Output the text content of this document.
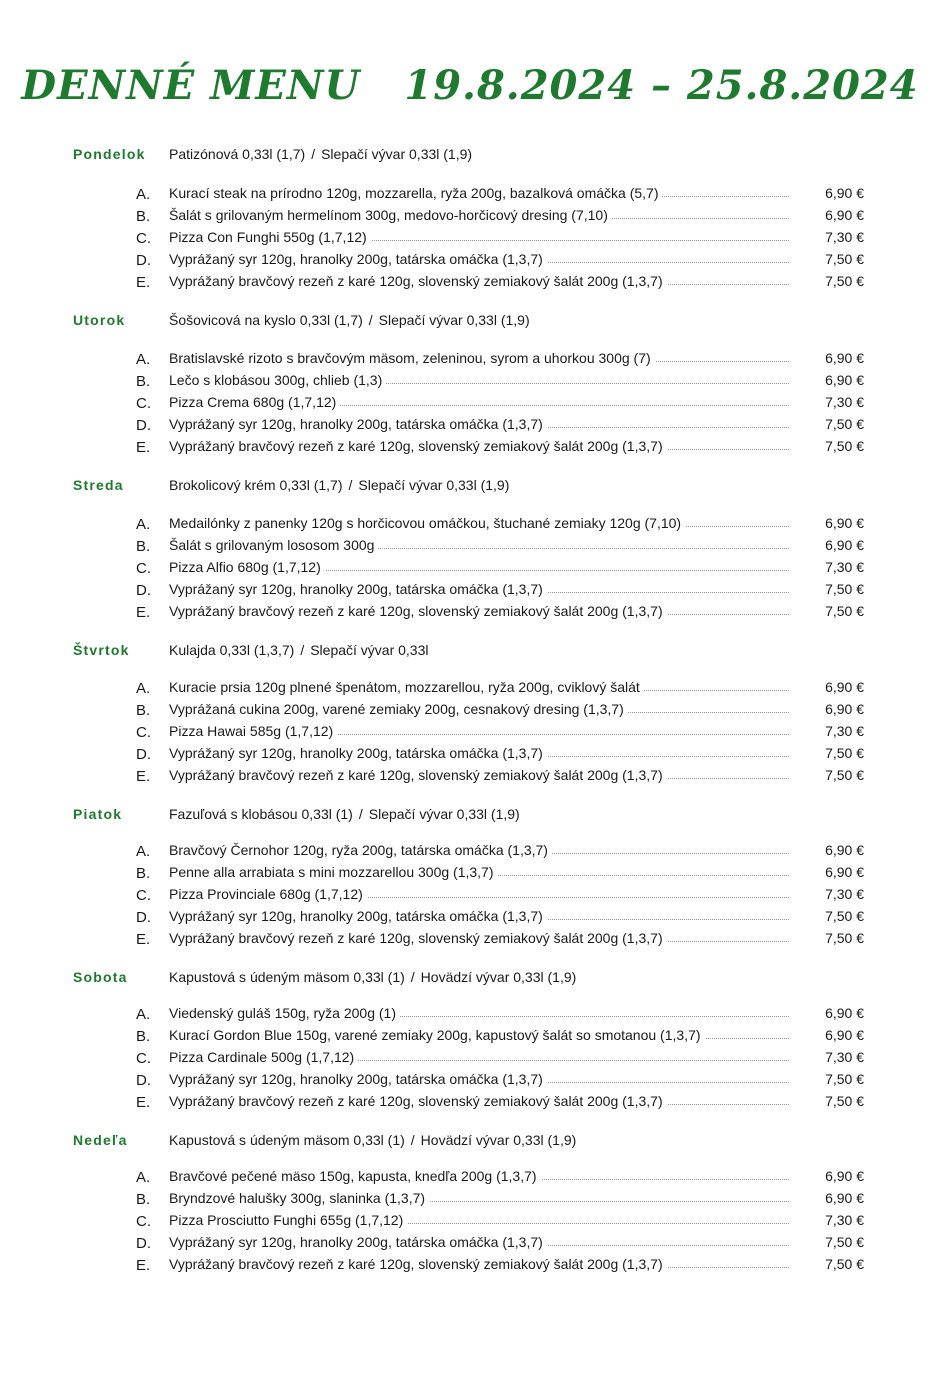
DENNÉ MENU 19.8.2024 – 25.8.2024
Pondelok Patizónová 0,33l (1,7) / Slepačí vývar 0,33l (1,9)
A. Kurací steak na prírodno 120g, mozzarella, ryža 200g, bazalková omáčka (5,7)	6,90 €
B. Šalát s grilovaným hermelínom 300g, medovo-horčicový dresing (7,10)	6,90 €
C. Pizza Con Funghi 550g (1,7,12)	7,30 €
D. Vyprážaný syr 120g, hranolky 200g, tatárska omáčka (1,3,7)	7,50 €
E. Vyprážaný bravčový rezeň z karé 120g, slovenský zemiakový šalát 200g (1,3,7)	7,50 €
Utorok	Šošovicová na kyslo 0,33l (1,7) / Slepačí vývar 0,33l (1,9)
A. Bratislavské rizoto s bravčovým mäsom, zeleninou, syrom a uhorkou 300g (7)	6,90 €
B. Lečo s klobásou 300g, chlieb (1,3)	6,90 €
C. Pizza Crema 680g (1,7,12)	7,30 €
D. Vyprážaný syr 120g, hranolky 200g, tatárska omáčka (1,3,7)	7,50 €
E. Vyprážaný bravčový rezeň z karé 120g, slovenský zemiakový šalát 200g (1,3,7)	7,50 €
Streda	Brokolicový krém 0,33l (1,7) / Slepačí vývar 0,33l (1,9)
A. Medailónky z panenky 120g s horčicovou omáčkou, štuchané zemiaky 120g (7,10)	6,90 €
B. Šalát s grilovaným lososom 300g	6,90 €
C. Pizza Alfio 680g (1,7,12)	7,30 €
D. Vyprážaný syr 120g, hranolky 200g, tatárska omáčka (1,3,7)	7,50 €
E. Vyprážaný bravčový rezeň z karé 120g, slovenský zemiakový šalát 200g (1,3,7)	7,50 €
Štvrtok	Kulajda 0,33l (1,3,7) / Slepačí vývar 0,33l
A. Kuracie prsia 120g plnené špenátom, mozzarellou, ryža 200g, cviklový šalát	6,90 €
B. Vyprážaná cukina 200g, varené zemiaky 200g, cesnakový dresing (1,3,7)	6,90 €
C. Pizza Hawai 585g (1,7,12)	7,30 €
D. Vyprážaný syr 120g, hranolky 200g, tatárska omáčka (1,3,7)	7,50 €
E. Vyprážaný bravčový rezeň z karé 120g, slovenský zemiakový šalát 200g (1,3,7)	7,50 €
Piatok	Fazuľová s klobásou 0,33l (1) / Slepačí vývar 0,33l (1,9)
A. Bravčový Černohor 120g, ryža 200g, tatárska omáčka (1,3,7)	6,90 €
B. Penne alla arrabiata s mini mozzarellou 300g (1,3,7)	6,90 €
C. Pizza Provinciale 680g (1,7,12)	7,30 €
D. Vyprážaný syr 120g, hranolky 200g, tatárska omáčka (1,3,7)	7,50 €
E. Vyprážaný bravčový rezeň z karé 120g, slovenský zemiakový šalát 200g (1,3,7)	7,50 €
Sobota	Kapustová s údeným mäsom 0,33l (1) / Hovädzí vývar 0,33l (1,9)
A. Viedenský guláš 150g, ryža 200g (1)	6,90 €
B. Kurací Gordon Blue 150g, varené zemiaky 200g, kapustový šalát so smotanou (1,3,7)	6,90 €
C. Pizza Cardinale 500g (1,7,12)	7,30 €
D. Vyprážaný syr 120g, hranolky 200g, tatárska omáčka (1,3,7)	7,50 €
E. Vyprážaný bravčový rezeň z karé 120g, slovenský zemiakový šalát 200g (1,3,7)	7,50 €
Nedeľa	Kapustová s údeným mäsom 0,33l (1) / Hovädzí vývar 0,33l (1,9)
A. Bravčové pečené mäso 150g, kapusta, knedľa 200g (1,3,7)	6,90 €
B. Bryndzové halušky 300g, slaninka (1,3,7)	6,90 €
C. Pizza Prosciutto Funghi 655g (1,7,12)	7,30 €
D. Vyprážaný syr 120g, hranolky 200g, tatárska omáčka (1,3,7)	7,50 €
E. Vyprážaný bravčový rezeň z karé 120g, slovenský zemiakový šalát 200g (1,3,7)	7,50 €
